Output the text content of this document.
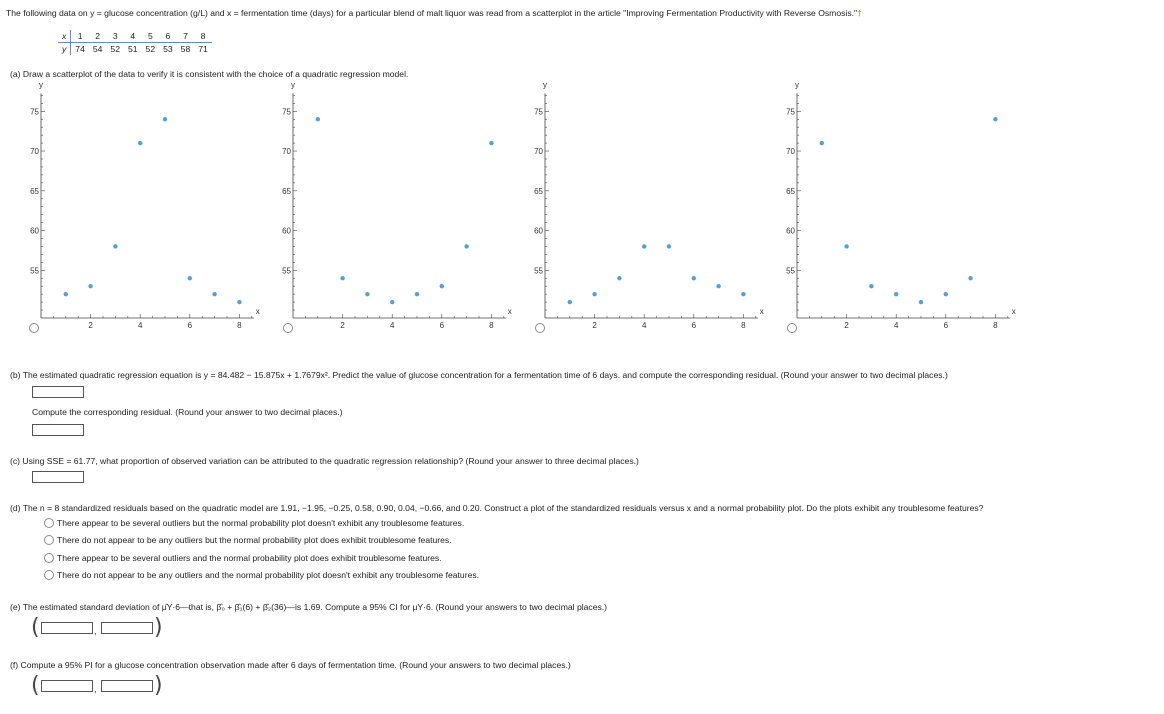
The following data on y = glucose concentration (g/L) and x = fermentation time (days) for a particular blend of malt liquor was read from a scatterplot in the article "Improving Fermentation Productivity with Reverse Osmosis."†
x	1	2	3	4	5	6	7	8
y	74	54	52	51	52	53	58	71
(a) Draw a scatterplot of the data to verify it is consistent with the choice of a quadratic regression model.
2	4	6	8
x
55
60
65
70
75
y
2	4	6	8
x
55
60
65
70
75
y
2	4	6	8
x
55
60
65
70
75
y
2	4	6	8
x
55
60
65
70
75
y
(b) The estimated quadratic regression equation is y = 84.482 − 15.875x + 1.7679x². Predict the value of glucose concentration for a fermentation time of 6 days. and compute the corresponding residual. (Round your answer to two decimal places.)
Compute the corresponding residual. (Round your answer to two decimal places.)
(c) Using SSE = 61.77, what proportion of observed variation can be attributed to the quadratic regression relationship? (Round your answer to three decimal places.)
(d) The n = 8 standardized residuals based on the quadratic model are 1.91, −1.95, −0.25, 0.58, 0.90, 0.04, −0.66, and 0.20. Construct a plot of the standardized residuals versus x and a normal probability plot. Do the plots exhibit any troublesome features?
There appear to be several outliers but the normal probability plot doesn't exhibit any troublesome features.
There do not appear to be any outliers but the normal probability plot does exhibit troublesome features.
There appear to be several outliers and the normal probability plot does exhibit troublesome features.
There do not appear to be any outliers and the normal probability plot doesn't exhibit any troublesome features.
(e) The estimated standard deviation of μ̂Y·6—that is, β̂₀ + β̂₁(6) + β̂₂(36)—is 1.69. Compute a 95% CI for μY·6. (Round your answers to two decimal places.)
(	,	)
(f) Compute a 95% PI for a glucose concentration observation made after 6 days of fermentation time. (Round your answers to two decimal places.)
(	,	)
